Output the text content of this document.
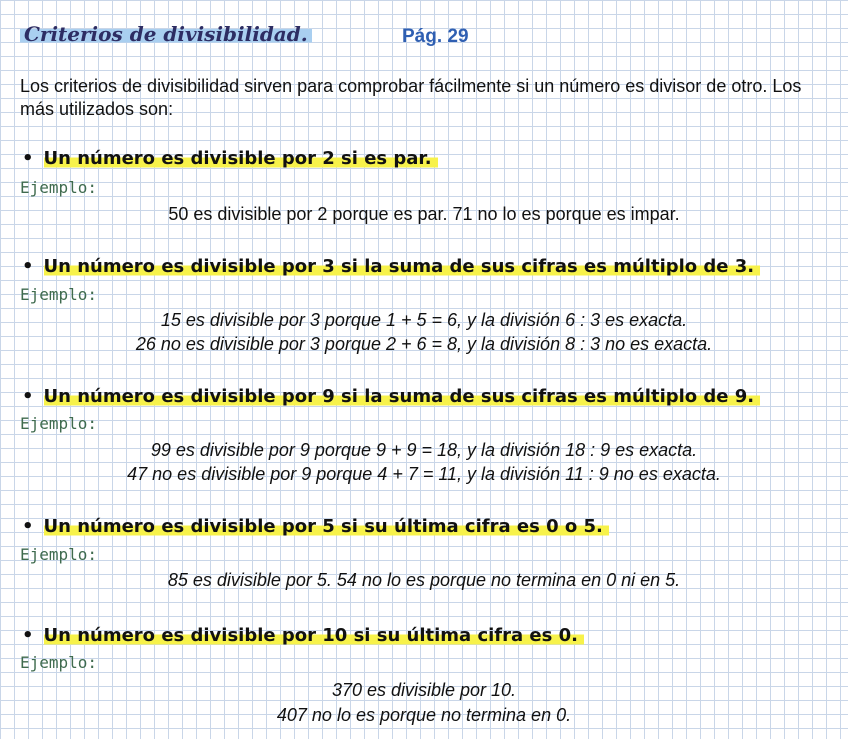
Criterios de divisibilidad.	Pág. 29
Los criterios de divisibilidad sirven para comprobar fácilmente si un número es divisor de otro. Los más utilizados son:
• Un número es divisible por 2 si es par.
Ejemplo:
50 es divisible por 2 porque es par. 71 no lo es porque es impar.
• Un número es divisible por 3 si la suma de sus cifras es múltiplo de 3.
Ejemplo:
15 es divisible por 3 porque 1 + 5 = 6, y la división 6 : 3 es exacta.
26 no es divisible por 3 porque 2 + 6 = 8, y la división 8 : 3 no es exacta.
• Un número es divisible por 9 si la suma de sus cifras es múltiplo de 9.
Ejemplo:
99 es divisible por 9 porque 9 + 9 = 18, y la división 18 : 9 es exacta.
47 no es divisible por 9 porque 4 + 7 = 11, y la división 11 : 9 no es exacta.
• Un número es divisible por 5 si su última cifra es 0 o 5.
Ejemplo:
85 es divisible por 5. 54 no lo es porque no termina en 0 ni en 5.
• Un número es divisible por 10 si su última cifra es 0.
Ejemplo:
370 es divisible por 10.
407 no lo es porque no termina en 0.
